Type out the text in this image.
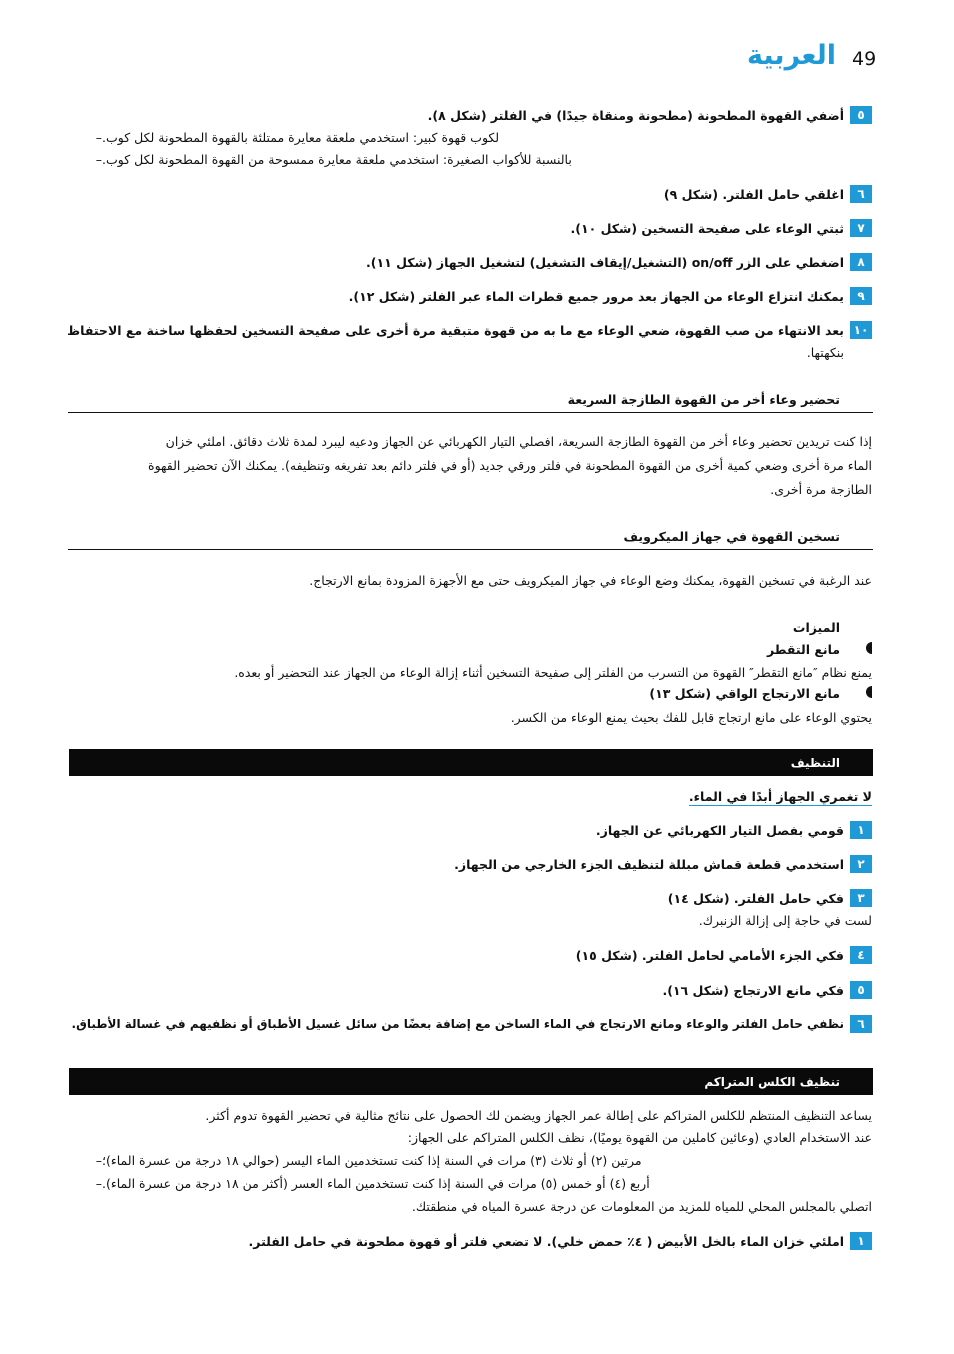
49
العربية
٥
أضفي القهوة المطحونة (مطحونة ومنقاة جيدًا) في الفلتر (شكل ٨).
– لكوب قهوة كبير: استخدمي ملعقة معايرة ممتلئة بالقهوة المطحونة لكل كوب.
– بالنسبة للأكواب الصغيرة: استخدمي ملعقة معايرة ممسوحة من القهوة المطحونة لكل كوب.
٦
اغلقي حامل الفلتر. (شكل ٩)
٧
ثبتي الوعاء على صفيحة التسخين (شكل ١٠).
٨
اضغطي على الزر on/off (التشغيل/إيقاف التشغيل) لتشغيل الجهاز (شكل ١١).
٩
يمكنك انتزاع الوعاء من الجهاز بعد مرور جميع قطرات الماء عبر الفلتر (شكل ١٢).
١٠
بعد الانتهاء من صب القهوة، ضعي الوعاء مع ما به من قهوة متبقية مرة أخرى على صفيحة التسخين لحفظها ساخنة مع الاحتفاظ
بنكهتها.
تحضير وعاء أخر من القهوة الطازجة السريعة
إذا كنت تريدين تحضير وعاء أخر من القهوة الطازجة السريعة، افصلي التيار الكهربائي عن الجهاز ودعيه ليبرد لمدة ثلاث دقائق. املئي خزان
الماء مرة أخرى وضعي كمية أخرى من القهوة المطحونة في فلتر ورقي جديد (أو في فلتر دائم بعد تفريغه وتنظيفه). يمكنك الآن تحضير القهوة
الطازجة مرة أخرى.
تسخين القهوة في جهاز الميكرويف
عند الرغبة في تسخين القهوة، يمكنك وضع الوعاء في جهاز الميكرويف حتى مع الأجهزة المزودة بمانع الارتجاج.
الميزات
مانع التقطر
يمنع نظام ″مانع التقطر″ القهوة من التسرب من الفلتر إلى صفيحة التسخين أثناء إزالة الوعاء من الجهاز عند التحضير أو بعده.
مانع الارتجاج الواقي (شكل ١٣)
يحتوي الوعاء على مانع ارتجاج قابل للفك بحيث يمنع الوعاء من الكسر.
التنظيف
لا تغمري الجهاز أبدًا في الماء.
١
قومي بفصل التيار الكهربائي عن الجهاز.
٢
استخدمي قطعة قماش مبللة لتنظيف الجزء الخارجي من الجهاز.
٣
فكي حامل الفلتر. (شكل ١٤)
لست في حاجة إلى إزالة الزنبرك.
٤
فكي الجزء الأمامي لحامل الفلتر. (شكل ١٥)
٥
فكي مانع الارتجاج (شكل ١٦).
٦
نظفي حامل الفلتر والوعاء ومانع الارتجاج في الماء الساخن مع إضافة بعضًا من سائل غسيل الأطباق أو نظفيهم في غسالة الأطباق.
تنظيف الكلس المتراكم
يساعد التنظيف المنتظم للكلس المتراكم على إطالة عمر الجهاز ويضمن لك الحصول على نتائج مثالية في تحضير القهوة تدوم أكثر.
عند الاستخدام العادي (وعائين كاملين من القهوة يوميًا)، نظف الكلس المتراكم على الجهاز:
– مرتين (٢) أو ثلاث (٣) مرات في السنة إذا كنت تستخدمين الماء اليسر (حوالي ١٨ درجة من عسرة الماء)؛
– أربع (٤) أو خمس (٥) مرات في السنة إذا كنت تستخدمين الماء العسر (أكثر من ١٨ درجة من عسرة الماء).
اتصلي بالمجلس المحلي للمياه للمزيد من المعلومات عن درجة عسرة المياه في منطقتك.
١
املئي خزان الماء بالخل الأبيض ( ٤٪ حمض خلي). لا تضعي فلتر أو قهوة مطحونة في حامل الفلتر.
